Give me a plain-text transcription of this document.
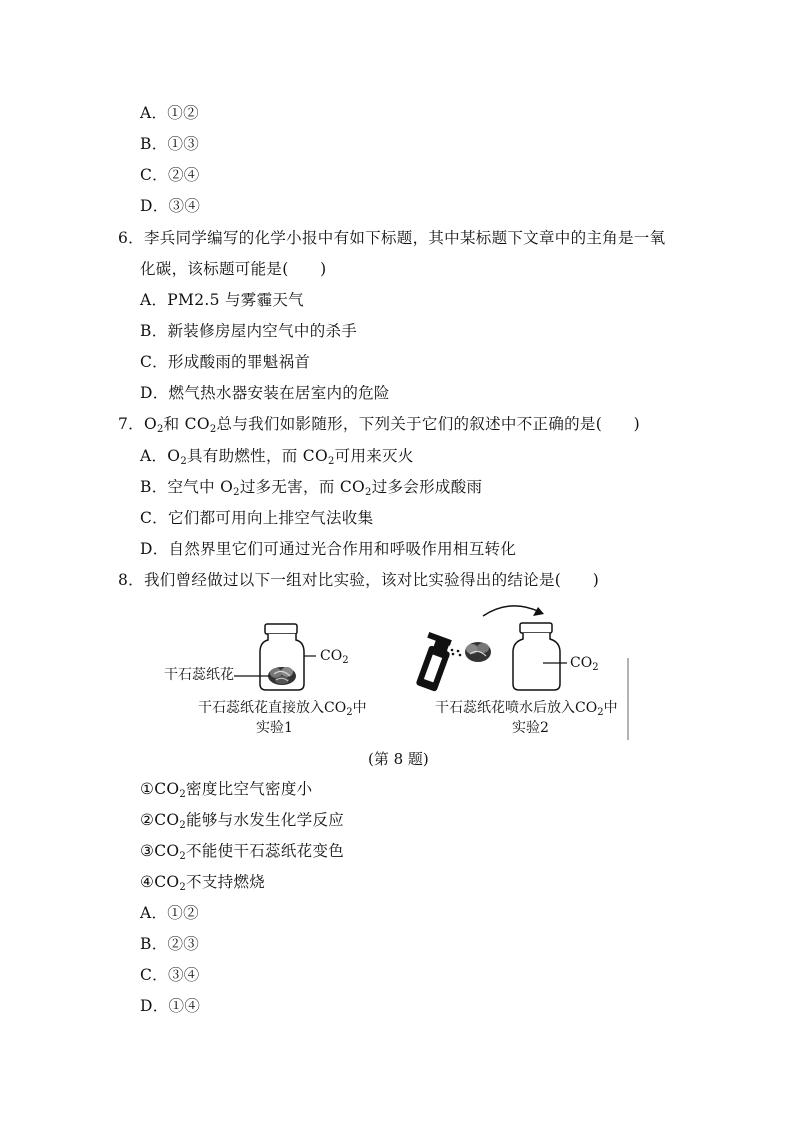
A．①②
B．①③
C．②④
D．③④
6．李兵同学编写的化学小报中有如下标题，其中某标题下文章中的主角是一氧
化碳，该标题可能是(　　)
A．PM2.5 与雾霾天气
B．新装修房屋内空气中的杀手
C．形成酸雨的罪魁祸首
D．燃气热水器安装在居室内的危险
7．$O_2$和 $CO_2$总与我们如影随形，下列关于它们的叙述中不正确的是(　　)
A．$O_2$具有助燃性，而 $CO_2$可用来灭火
B．空气中 $O_2$过多无害，而 $CO_2$过多会形成酸雨
C．它们都可用向上排空气法收集
D．自然界里它们可通过光合作用和呼吸作用相互转化
8．我们曾经做过以下一组对比实验，该对比实验得出的结论是(　　)
$CO_2$
干石蕊纸花
$CO_2$
干石蕊纸花直接放入$CO_2$中
实验1
干石蕊纸花喷水后放入$CO_2$中
实验2
(第 8 题)
$①CO_2$密度比空气密度小
$②CO_2$能够与水发生化学反应
$③CO_2$不能使干石蕊纸花变色
$④CO_2$不支持燃烧
A．①②
B．②③
C．③④
D．①④
